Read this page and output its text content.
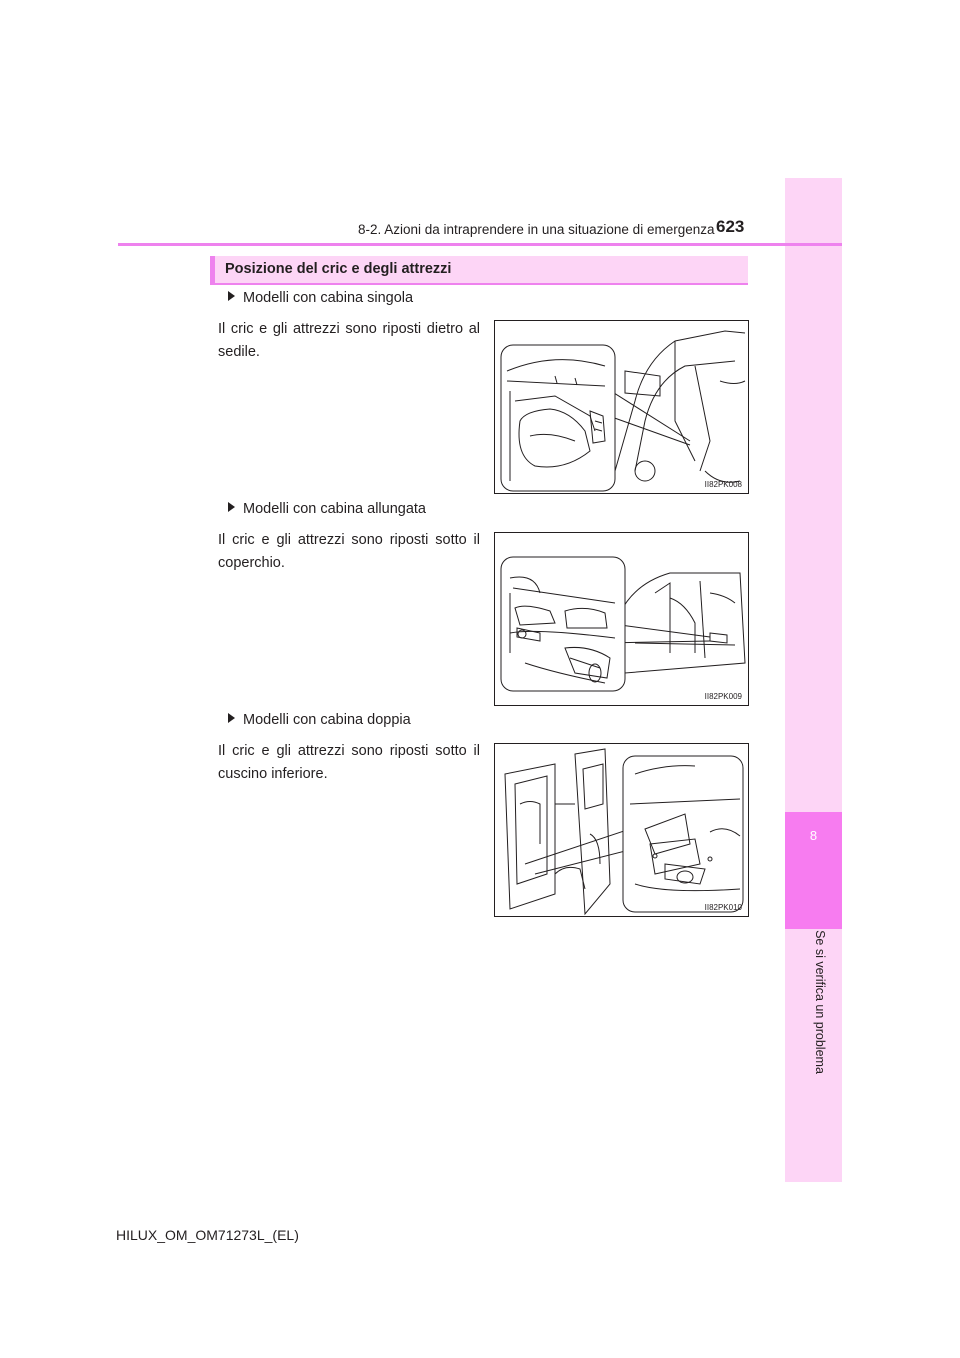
8
Se si verifica un problema
8-2. Azioni da intraprendere in una situazione di emergenza 623
Posizione del cric e degli attrezzi
Modelli con cabina singola
Il cric e gli attrezzi sono riposti dietro al sedile.
II82PK008
Modelli con cabina allungata
Il cric e gli attrezzi sono riposti sotto il coperchio.
II82PK009
Modelli con cabina doppia
Il cric e gli attrezzi sono riposti sotto il cuscino inferiore.
II82PK010
HILUX_OM_OM71273L_(EL)
